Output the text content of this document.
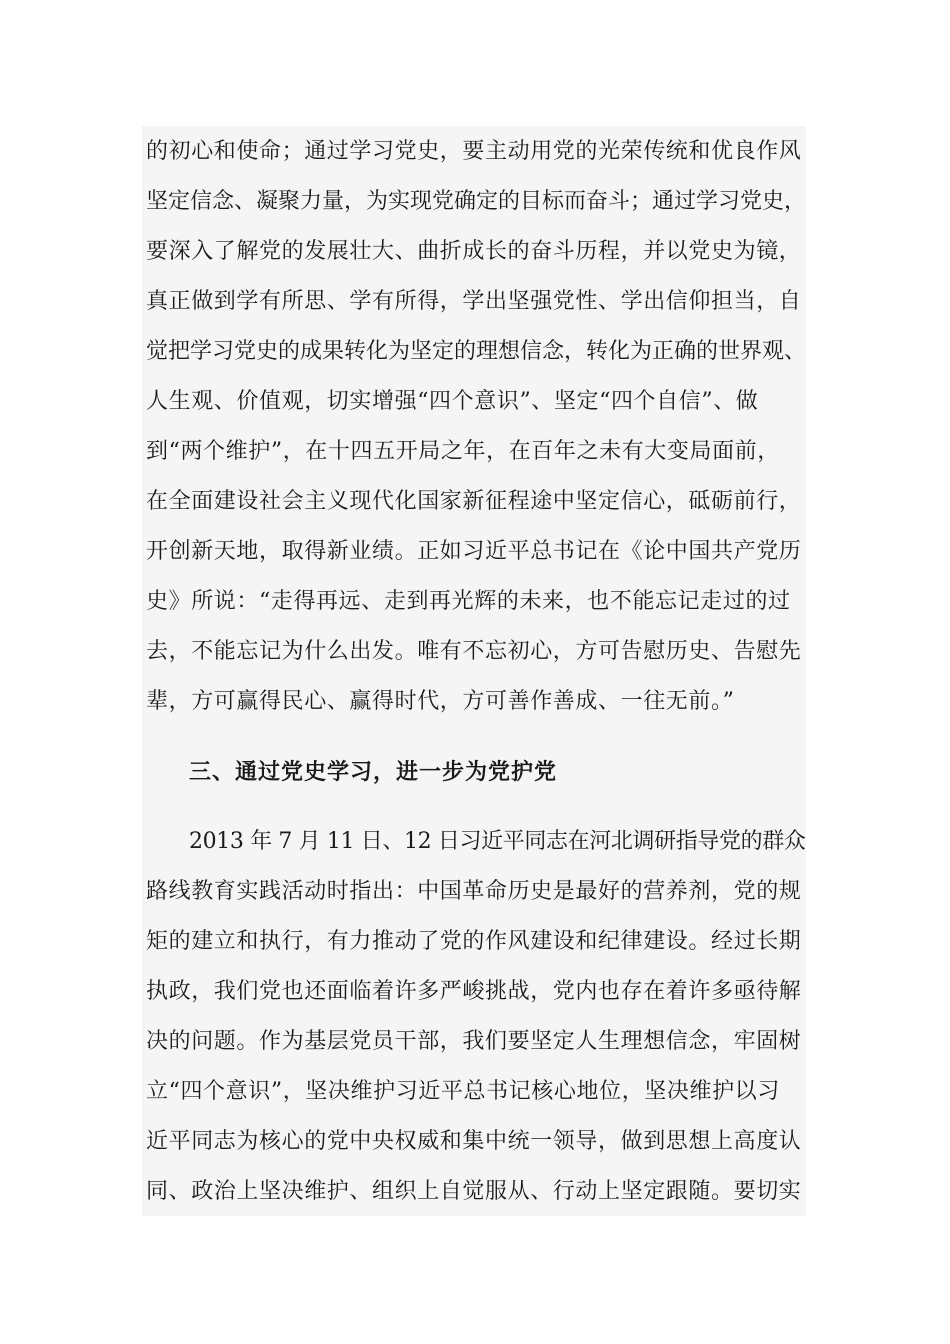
的初心和使命；通过学习党史，要主动用党的光荣传统和优良作风
坚定信念、凝聚力量，为实现党确定的目标而奋斗；通过学习党史，
要深入了解党的发展壮大、曲折成长的奋斗历程，并以党史为镜，
真正做到学有所思、学有所得，学出坚强党性、学出信仰担当，自
觉把学习党史的成果转化为坚定的理想信念，转化为正确的世界观、
人生观、价值观，切实增强“四个意识”、坚定“四个自信”、做
到“两个维护”，在十四五开局之年，在百年之未有大变局面前，
在全面建设社会主义现代化国家新征程途中坚定信心，砥砺前行，
开创新天地，取得新业绩。正如习近平总书记在《论中国共产党历
史》所说：“走得再远、走到再光辉的未来，也不能忘记走过的过
去，不能忘记为什么出发。唯有不忘初心，方可告慰历史、告慰先
辈，方可赢得民心、赢得时代，方可善作善成、一往无前。”
三、通过党史学习，进一步为党护党
2013 年 7 月 11 日、12 日习近平同志在河北调研指导党的群众
路线教育实践活动时指出：中国革命历史是最好的营养剂，党的规
矩的建立和执行，有力推动了党的作风建设和纪律建设。经过长期
执政，我们党也还面临着许多严峻挑战，党内也存在着许多亟待解
决的问题。作为基层党员干部，我们要坚定人生理想信念，牢固树
立“四个意识”，坚决维护习近平总书记核心地位，坚决维护以习
近平同志为核心的党中央权威和集中统一领导，做到思想上高度认
同、政治上坚决维护、组织上自觉服从、行动上坚定跟随。要切实
